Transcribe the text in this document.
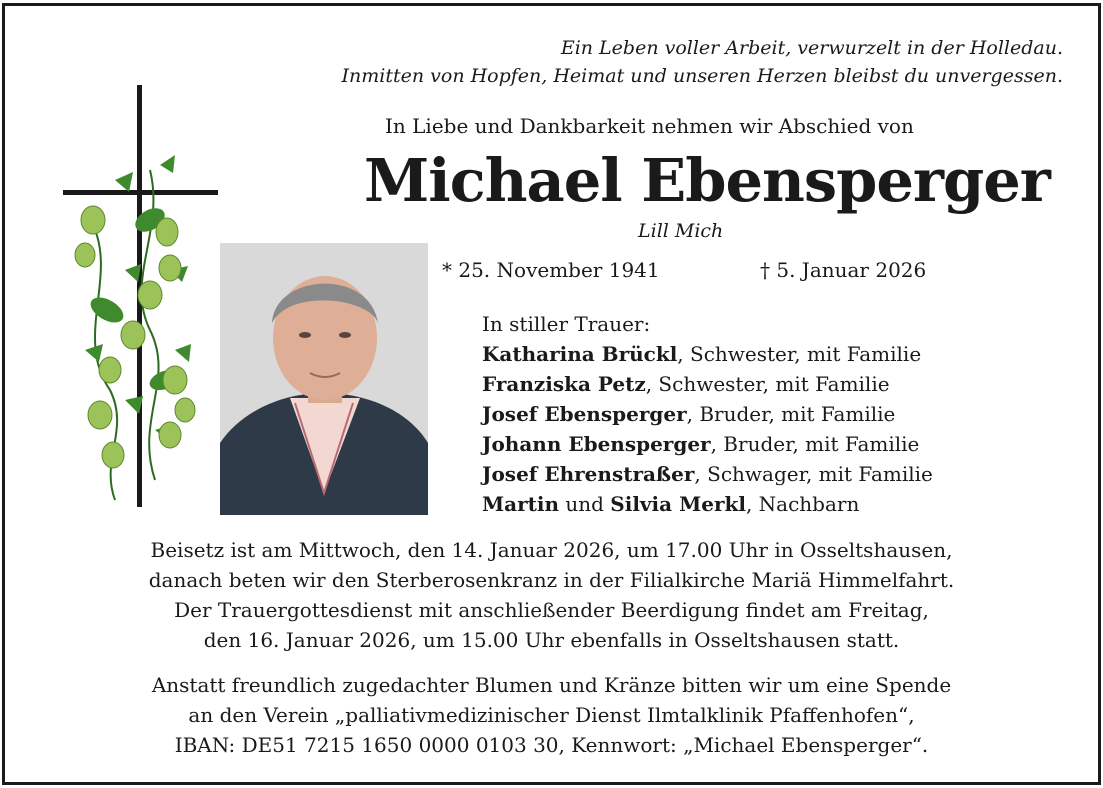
Ein Leben voller Arbeit, verwurzelt in der Holledau.
Inmitten von Hopfen, Heimat und unseren Herzen bleibst du unvergessen.
In Liebe und Dankbarkeit nehmen wir Abschied von
Michael Ebensperger
Lill Mich
* 25. November 1941	† 5. Januar 2026
In stiller Trauer:
Katharina Brückl, Schwester, mit Familie
Franziska Petz, Schwester, mit Familie
Josef Ebensperger, Bruder, mit Familie
Johann Ebensperger, Bruder, mit Familie
Josef Ehrenstraßer, Schwager, mit Familie
Martin und Silvia Merkl, Nachbarn
Beisetz ist am Mittwoch, den 14. Januar 2026, um 17.00 Uhr in Osseltshausen,
danach beten wir den Sterberosenkranz in der Filialkirche Mariä Himmelfahrt.
Der Trauergottesdienst mit anschließender Beerdigung findet am Freitag,
den 16. Januar 2026, um 15.00 Uhr ebenfalls in Osseltshausen statt.
Anstatt freundlich zugedachter Blumen und Kränze bitten wir um eine Spende
an den Verein „palliativmedizinischer Dienst Ilmtalklinik Pfaffenhofen“,
IBAN: DE51 7215 1650 0000 0103 30, Kennwort: „Michael Ebensperger“.
